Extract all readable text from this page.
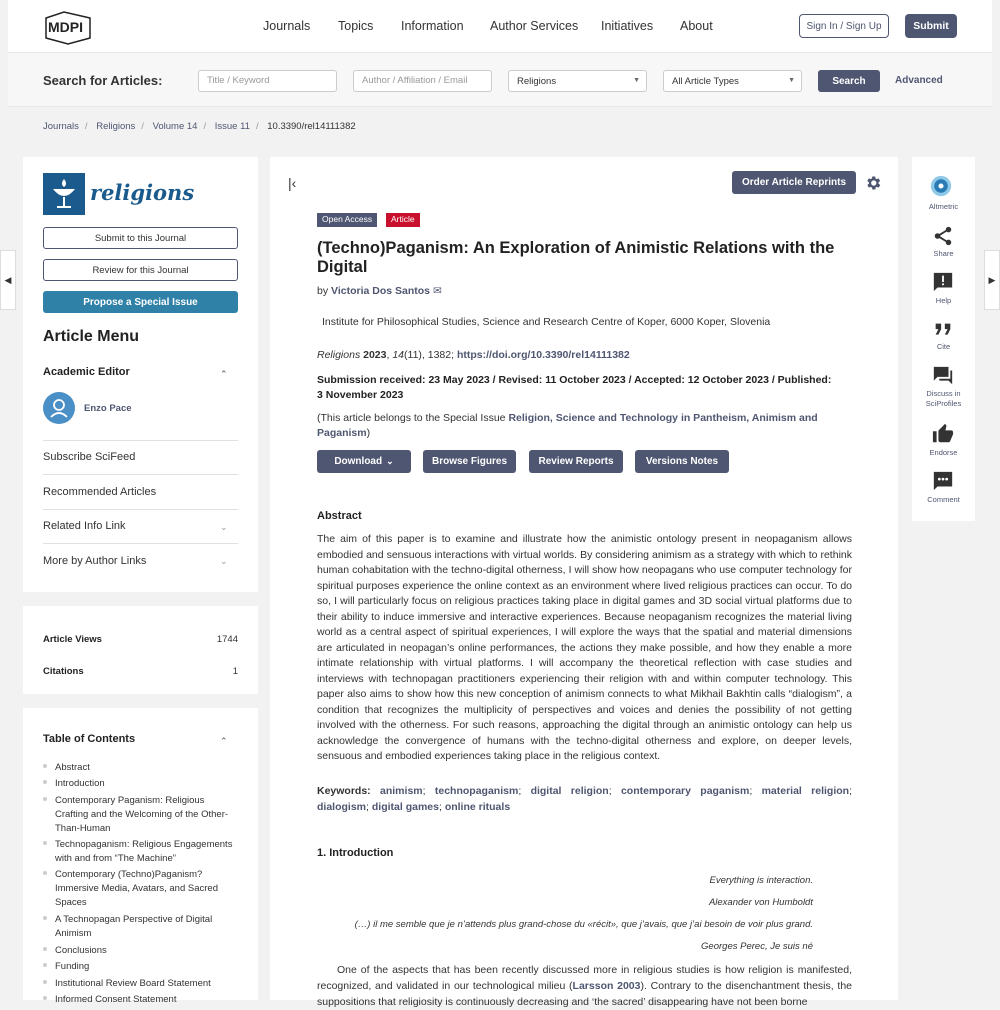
MDPI	Journals Topics Information Author Services Initiatives About	Sign In / Sign Up	Submit
Search for Articles:	Title / Keyword	Author / Affiliation / Email	Religions	▼	All Article Types	▼	Search	Advanced
Journals / Religions / Volume 14 / Issue 11 / 10.3390/rel14111382
◀	▶
religions
Submit to this Journal
Review for this Journal
Propose a Special Issue
Article Menu
Academic Editor	⌃
Enzo Pace
Subscribe SciFeed
Recommended Articles
Related Info Link	⌄
More by Author Links	⌄
Article Views	1744
Citations	1
Table of Contents	⌃
Abstract
Introduction
Contemporary Paganism: Religious Crafting and the Welcoming of the Other-Than-Human
Technopaganism: Religious Engagements with and from “The Machine”
Contemporary (Techno)Paganism? Immersive Media, Avatars, and Sacred Spaces
A Technopagan Perspective of Digital Animism
Conclusions
Funding
Institutional Review Board Statement
Informed Consent Statement
|‹	Order Article Reprints
Open Access	Article
(Techno)Paganism: An Exploration of Animistic Relations with the Digital
by Victoria Dos Santos ✉
Institute for Philosophical Studies, Science and Research Centre of Koper, 6000 Koper, Slovenia
Religions 2023, 14(11), 1382; https://doi.org/10.3390/rel14111382
Submission received: 23 May 2023 / Revised: 11 October 2023 / Accepted: 12 October 2023 / Published: 3 November 2023
(This article belongs to the Special Issue Religion, Science and Technology in Pantheism, Animism and Paganism)
Download ⌄	Browse Figures	Review Reports	Versions Notes
Abstract
The aim of this paper is to examine and illustrate how the animistic ontology present in neopaganism allows embodied and sensuous interactions with virtual worlds. By considering animism as a strategy with which to rethink human cohabitation with the techno-digital otherness, I will show how neopagans who use computer technology for spiritual purposes experience the online context as an environment where lived religious practices can occur. To do so, I will particularly focus on religious practices taking place in digital games and 3D social virtual platforms due to their ability to induce immersive and interactive experiences. Because neopaganism recognizes the material living world as a central aspect of spiritual experiences, I will explore the ways that the spatial and material dimensions are articulated in neopagan’s online performances, the actions they make possible, and how they enable a more intimate relationship with virtual platforms. I will accompany the theoretical reflection with case studies and interviews with technopagan practitioners experiencing their religion with and within computer technology. This paper also aims to show how this new conception of animism connects to what Mikhail Bakhtin calls “dialogism”, a condition that recognizes the multiplicity of perspectives and voices and denies the possibility of not getting involved with the otherness. For such reasons, approaching the digital through an animistic ontology can help us acknowledge the convergence of humans with the techno-digital otherness and explore, on deeper levels, sensuous and embodied experiences taking place in the religious context.
Keywords: animism; technopaganism; digital religion; contemporary paganism; material religion; dialogism; digital games; online rituals
1. Introduction
Everything is interaction.
Alexander von Humboldt
(…) il me semble que je n’attends plus grand-chose du «récit», que j’avais, que j’ai besoin de voir plus grand.
Georges Perec, Je suis né
One of the aspects that has been recently discussed more in religious studies is how religion is manifested, recognized, and validated in our technological milieu (Larsson 2003). Contrary to the disenchantment thesis, the suppositions that religiosity is continuously decreasing and ‘the sacred’ disappearing have not been borne
Altmetric
Share
Help
Cite
Discuss in SciProfiles
Endorse
Comment
